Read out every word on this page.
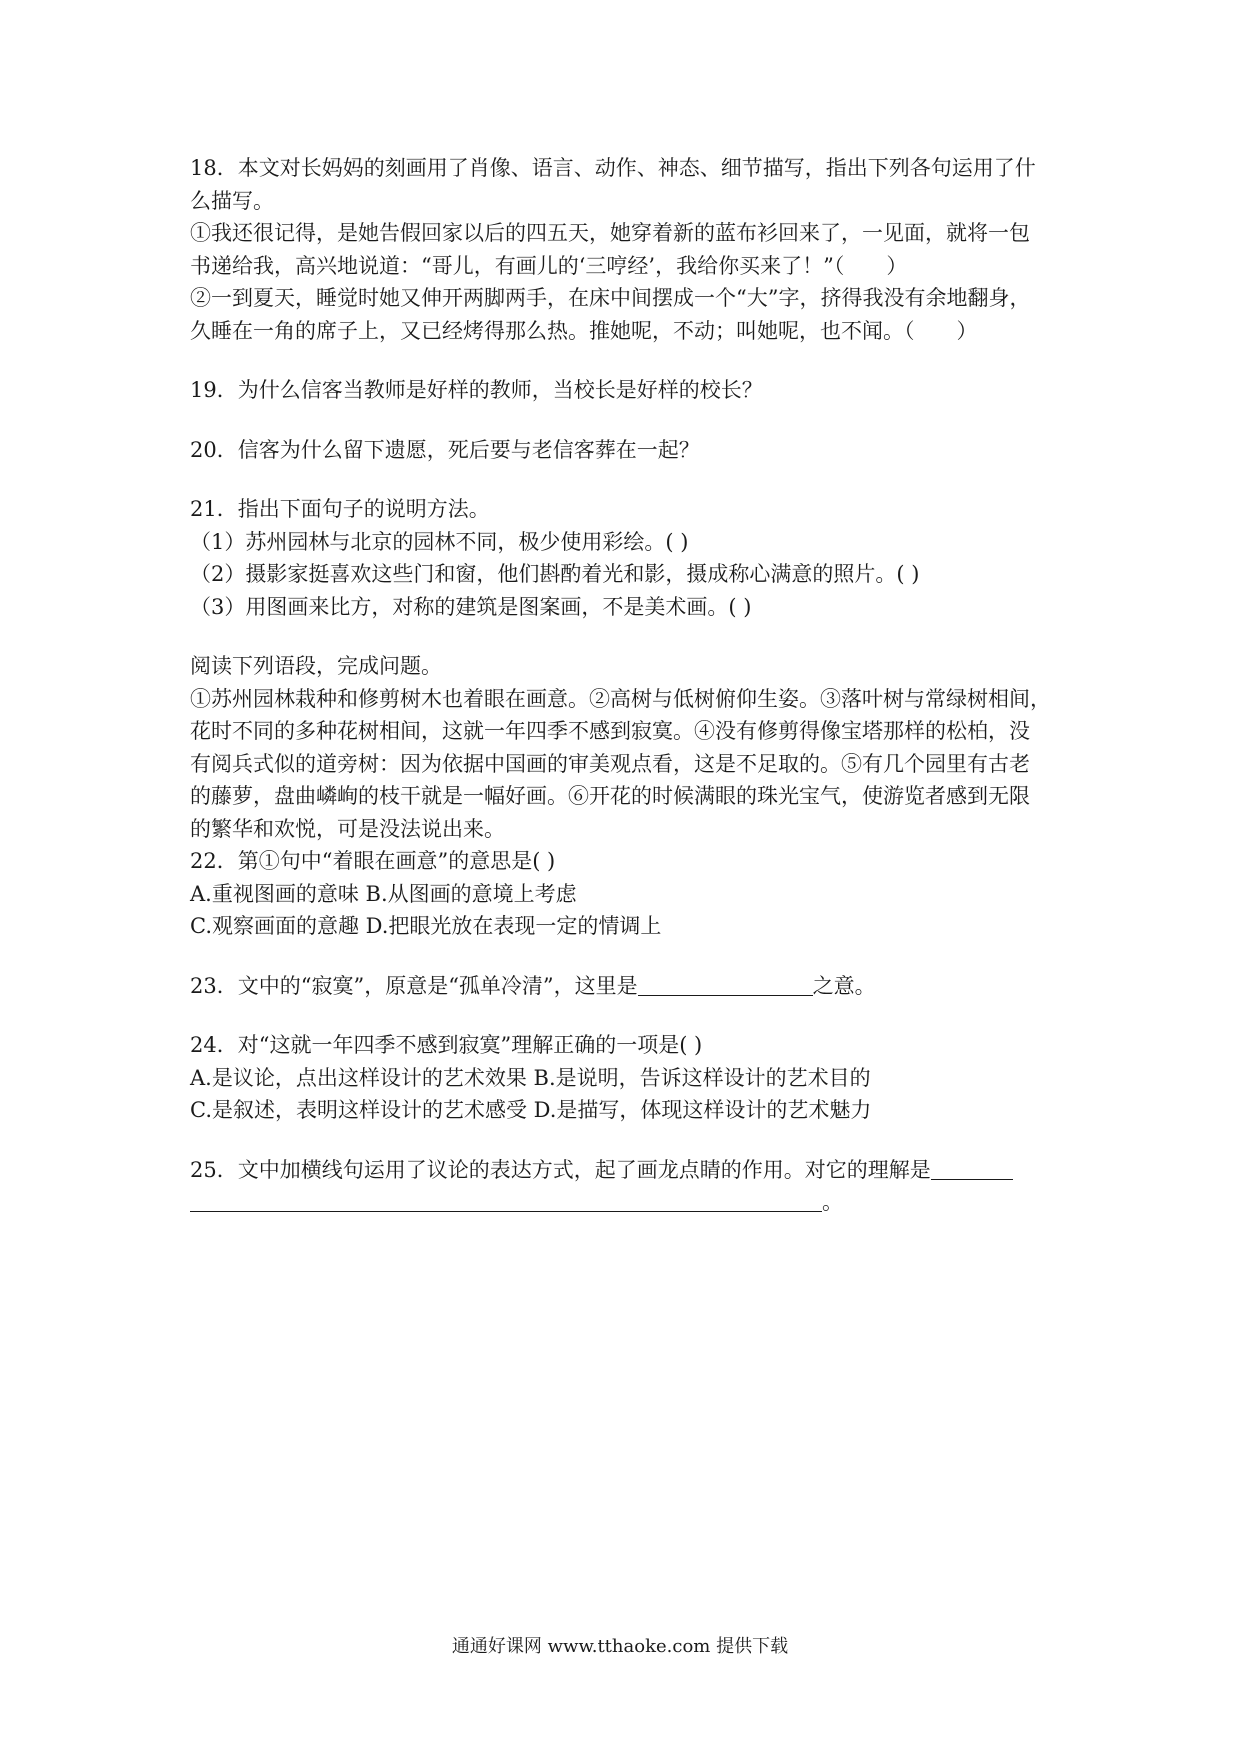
18．本文对长妈妈的刻画用了肖像、语言、动作、神态、细节描写，指出下列各句运用了什
么描写。
①我还很记得，是她告假回家以后的四五天，她穿着新的蓝布衫回来了，一见面，就将一包
书递给我，高兴地说道：“哥儿，有画儿的‘三哼经’，我给你买来了！”（　　）
②一到夏天，睡觉时她又伸开两脚两手，在床中间摆成一个“大”字，挤得我没有余地翻身，
久睡在一角的席子上，又已经烤得那么热。推她呢，不动；叫她呢，也不闻。（　　）
19．为什么信客当教师是好样的教师，当校长是好样的校长？
20．信客为什么留下遗愿，死后要与老信客葬在一起？
21．指出下面句子的说明方法。
（1）苏州园林与北京的园林不同，极少使用彩绘。( )
（2）摄影家挺喜欢这些门和窗，他们斟酌着光和影，摄成称心满意的照片。( )
（3）用图画来比方，对称的建筑是图案画，不是美术画。( )
阅读下列语段，完成问题。
①苏州园林栽种和修剪树木也着眼在画意。②高树与低树俯仰生姿。③落叶树与常绿树相间，
花时不同的多种花树相间，这就一年四季不感到寂寞。④没有修剪得像宝塔那样的松柏，没
有阅兵式似的道旁树：因为依据中国画的审美观点看，这是不足取的。⑤有几个园里有古老
的藤萝，盘曲嶙峋的枝干就是一幅好画。⑥开花的时候满眼的珠光宝气，使游览者感到无限
的繁华和欢悦，可是没法说出来。
22．第①句中“着眼在画意”的意思是( )
A.重视图画的意味 B.从图画的意境上考虑
C.观察画面的意趣 D.把眼光放在表现一定的情调上
23．文中的“寂寞”，原意是“孤单冷清”，这里是	之意。
24．对“这就一年四季不感到寂寞”理解正确的一项是( )
A.是议论，点出这样设计的艺术效果 B.是说明，告诉这样设计的艺术目的
C.是叙述，表明这样设计的艺术感受 D.是描写，体现这样设计的艺术魅力
25．文中加横线句运用了议论的表达方式，起了画龙点睛的作用。对它的理解是
。
通通好课网 www.tthaoke.com 提供下载
